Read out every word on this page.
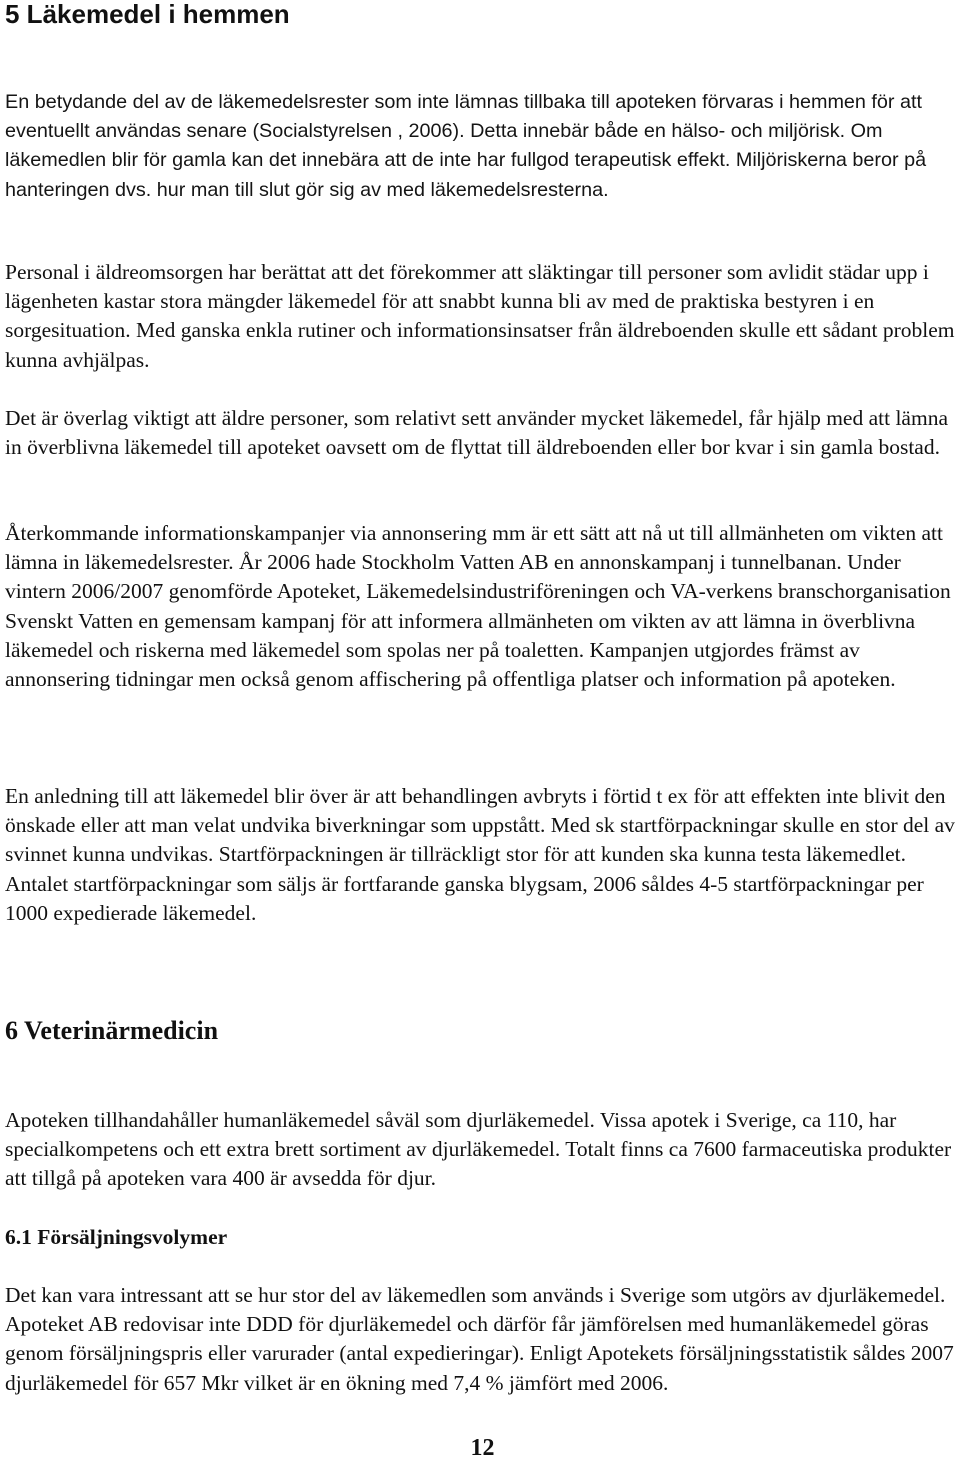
5 Läkemedel i hemmen

En betydande del av de läkemedelsrester som inte lämnas tillbaka till apoteken förvaras i hemmen för att eventuellt användas senare (Socialstyrelsen , 2006). Detta innebär både en hälso- och miljörisk. Om läkemedlen blir för gamla kan det innebära att de inte har fullgod terapeutisk effekt. Miljöriskerna beror på hanteringen dvs. hur man till slut gör sig av med läkemedelsresterna.

Personal i äldreomsorgen har berättat att det förekommer att släktingar till personer som avlidit städar upp i lägenheten kastar stora mängder läkemedel för att snabbt kunna bli av med de praktiska bestyren i en sorgesituation. Med ganska enkla rutiner och informationsinsatser från äldreboenden skulle ett sådant problem kunna avhjälpas.

Det är överlag viktigt att äldre personer, som relativt sett använder mycket läkemedel, får hjälp med att lämna in överblivna läkemedel till apoteket oavsett om de flyttat till äldreboenden eller bor kvar i sin gamla bostad.

Återkommande informationskampanjer via annonsering mm är ett sätt att nå ut till allmänheten om vikten att lämna in läkemedelsrester. År 2006 hade Stockholm Vatten AB en annonskampanj i tunnelbanan. Under vintern 2006/2007 genomförde Apoteket, Läkemedelsindustriföreningen och VA-verkens branschorganisation Svenskt Vatten en gemensam kampanj för att informera allmänheten om vikten av att lämna in överblivna läkemedel och riskerna med läkemedel som spolas ner på toaletten. Kampanjen utgjordes främst av annonsering tidningar men också genom affischering på offentliga platser och information på apoteken.

En anledning till att läkemedel blir över är att behandlingen avbryts i förtid t ex för att effekten inte blivit den önskade eller att man velat undvika biverkningar som uppstått. Med sk startförpackningar skulle en stor del av svinnet kunna undvikas. Startförpackningen är tillräckligt stor för att kunden ska kunna testa läkemedlet. Antalet startförpackningar som säljs är fortfarande ganska blygsam, 2006 såldes 4-5 startförpackningar per 1000 expedierade läkemedel.

6 Veterinärmedicin

Apoteken tillhandahåller humanläkemedel såväl som djurläkemedel. Vissa apotek i Sverige, ca 110, har specialkompetens och ett extra brett sortiment av djurläkemedel. Totalt finns ca 7600 farmaceutiska produkter att tillgå på apoteken vara 400 är avsedda för djur.

6.1 Försäljningsvolymer

Det kan vara intressant att se hur stor del av läkemedlen som används i Sverige som utgörs av djurläkemedel. Apoteket AB redovisar inte DDD för djurläkemedel och därför får jämförelsen med humanläkemedel göras genom försäljningspris eller varurader (antal expedieringar). Enligt Apotekets försäljningsstatistik såldes 2007 djurläkemedel för 657 Mkr vilket är en ökning med 7,4 % jämfört med 2006.

12
